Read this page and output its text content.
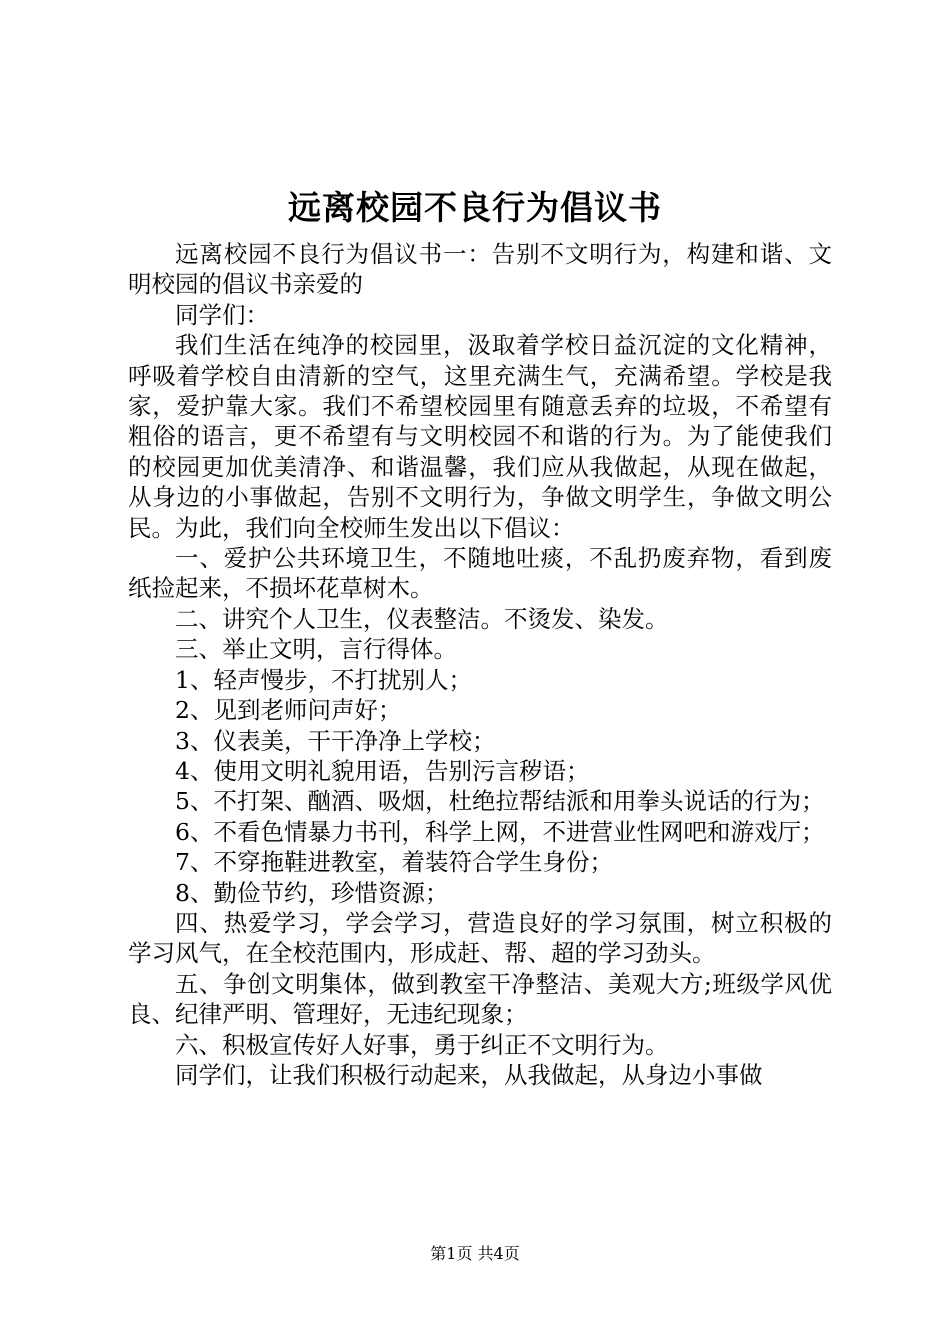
远离校园不良行为倡议书

远离校园不良行为倡议书一：告别不文明行为，构建和谐、文明校园的倡议书亲爱的

同学们：

我们生活在纯净的校园里，汲取着学校日益沉淀的文化精神，呼吸着学校自由清新的空气，这里充满生气，充满希望。学校是我家，爱护靠大家。我们不希望校园里有随意丢弃的垃圾，不希望有粗俗的语言，更不希望有与文明校园不和谐的行为。为了能使我们的校园更加优美清净、和谐温馨，我们应从我做起，从现在做起，从身边的小事做起，告别不文明行为，争做文明学生，争做文明公民。为此，我们向全校师生发出以下倡议：

一、爱护公共环境卫生，不随地吐痰，不乱扔废弃物，看到废纸捡起来，不损坏花草树木。

二、讲究个人卫生，仪表整洁。不烫发、染发。

三、举止文明，言行得体。

1、轻声慢步，不打扰别人；

2、见到老师问声好；

3、仪表美，干干净净上学校；

4、使用文明礼貌用语，告别污言秽语；

5、不打架、酗酒、吸烟，杜绝拉帮结派和用拳头说话的行为；

6、不看色情暴力书刊，科学上网，不进营业性网吧和游戏厅；

7、不穿拖鞋进教室，着装符合学生身份；

8、勤俭节约，珍惜资源；

四、热爱学习，学会学习，营造良好的学习氛围，树立积极的学习风气，在全校范围内，形成赶、帮、超的学习劲头。

五、争创文明集体，做到教室干净整洁、美观大方;班级学风优良、纪律严明、管理好，无违纪现象；

六、积极宣传好人好事，勇于纠正不文明行为。

同学们，让我们积极行动起来，从我做起，从身边小事做

第1页 共4页
